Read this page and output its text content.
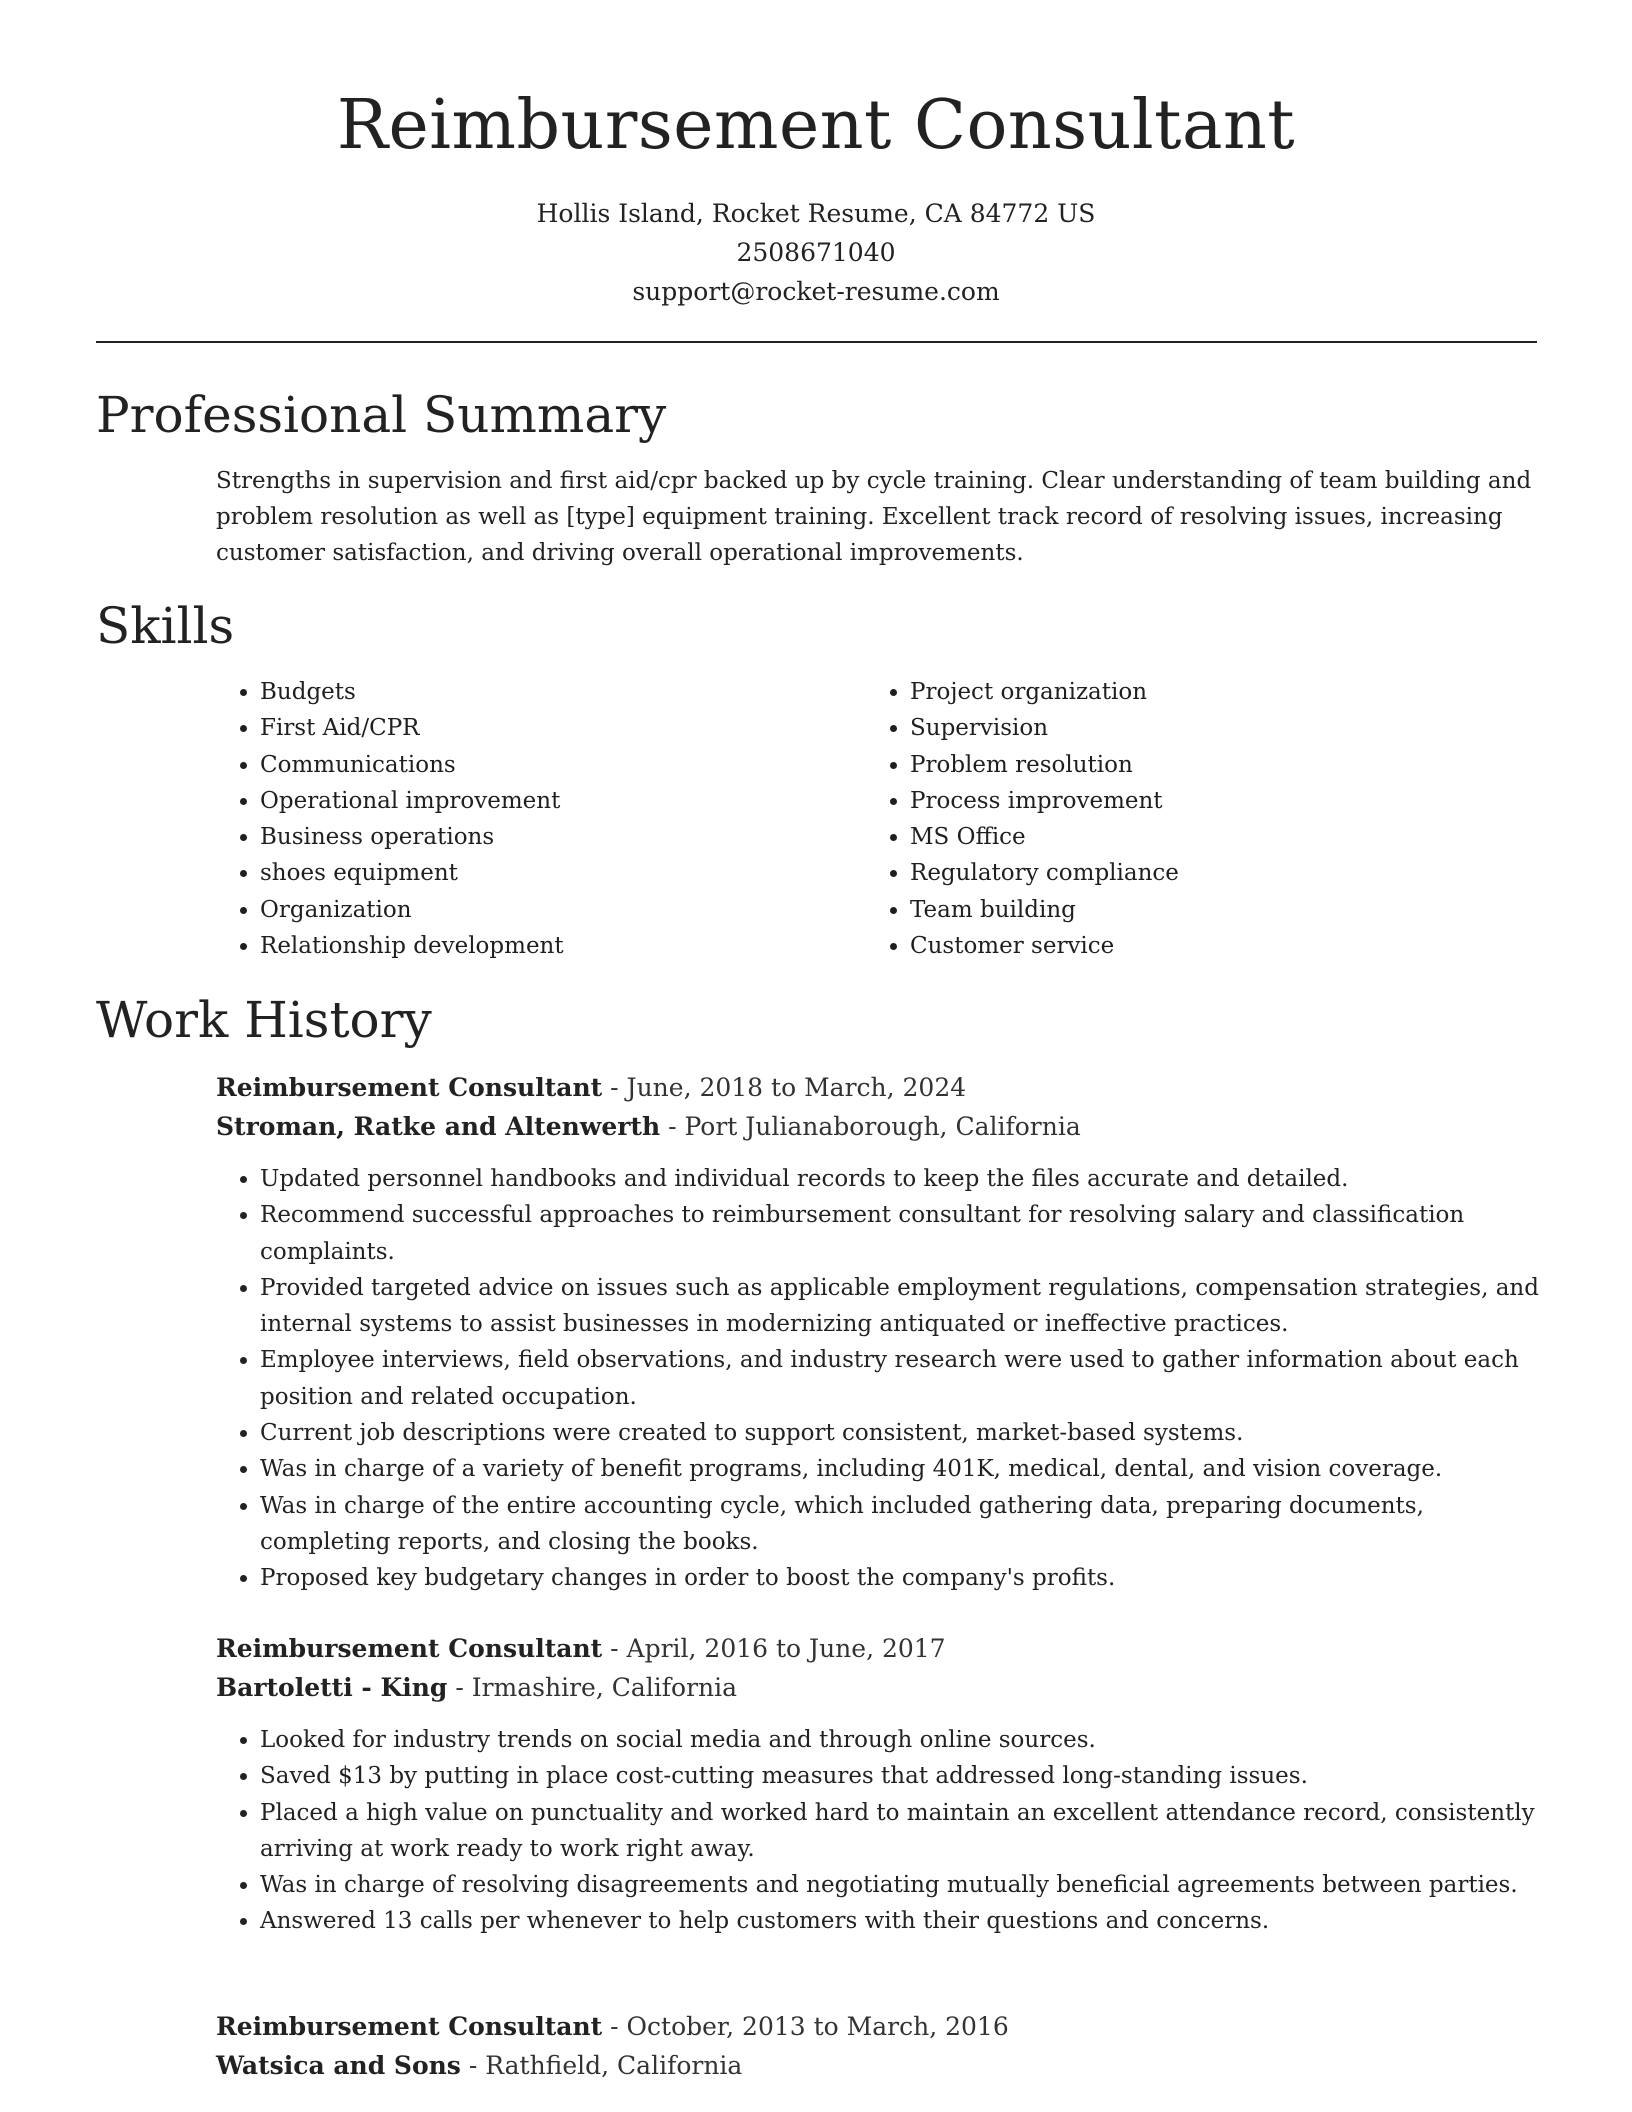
Reimbursement Consultant
Hollis Island, Rocket Resume, CA 84772 US
2508671040
support@rocket-resume.com
Professional Summary

Strengths in supervision and first aid/cpr backed up by cycle training. Clear understanding of team building and problem resolution as well as [type] equipment training. Excellent track record of resolving issues, increasing customer satisfaction, and driving overall operational improvements.

Skills
• Budgets
• First Aid/CPR
• Communications
• Operational improvement
• Business operations
• shoes equipment
• Organization
• Relationship development
• Project organization
• Supervision
• Problem resolution
• Process improvement
• MS Office
• Regulatory compliance
• Team building
• Customer service
Work History
Reimbursement Consultant - June, 2018 to March, 2024
Stroman, Ratke and Altenwerth - Port Julianaborough, California
• Updated personnel handbooks and individual records to keep the files accurate and detailed.
• Recommend successful approaches to reimbursement consultant for resolving salary and classification complaints.
• Provided targeted advice on issues such as applicable employment regulations, compensation strategies, and internal systems to assist businesses in modernizing antiquated or ineffective practices.
• Employee interviews, field observations, and industry research were used to gather information about each position and related occupation.
• Current job descriptions were created to support consistent, market-based systems.
• Was in charge of a variety of benefit programs, including 401K, medical, dental, and vision coverage.
• Was in charge of the entire accounting cycle, which included gathering data, preparing documents, completing reports, and closing the books.
• Proposed key budgetary changes in order to boost the company's profits.
Reimbursement Consultant - April, 2016 to June, 2017
Bartoletti - King - Irmashire, California
• Looked for industry trends on social media and through online sources.
• Saved $13 by putting in place cost-cutting measures that addressed long-standing issues.
• Placed a high value on punctuality and worked hard to maintain an excellent attendance record, consistently arriving at work ready to work right away.
• Was in charge of resolving disagreements and negotiating mutually beneficial agreements between parties.
• Answered 13 calls per whenever to help customers with their questions and concerns.
Reimbursement Consultant - October, 2013 to March, 2016
Watsica and Sons - Rathfield, California
